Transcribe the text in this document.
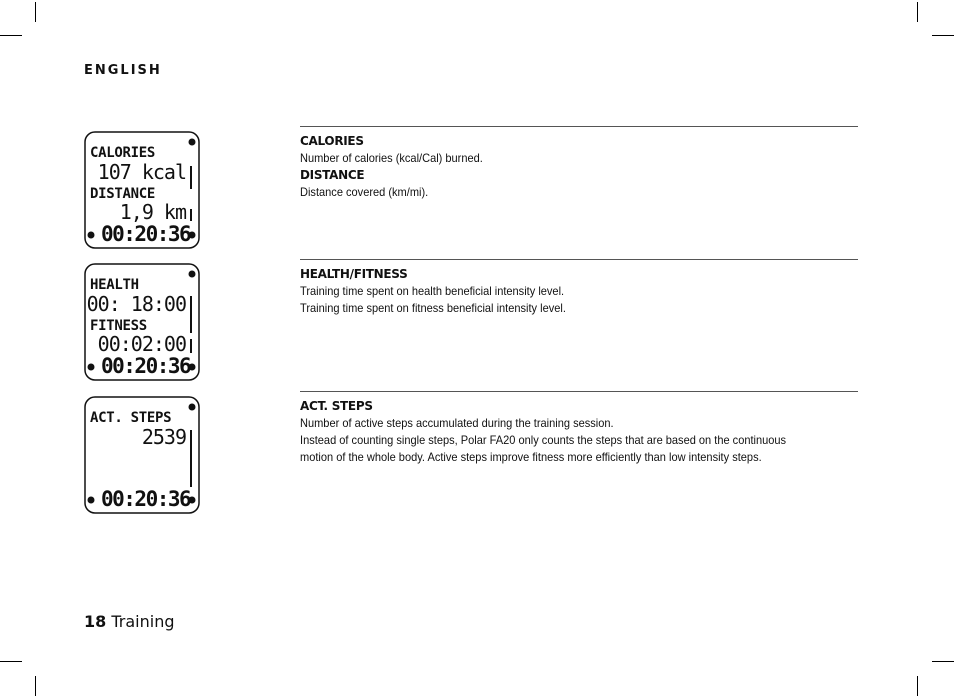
ENGLISH
CALORIES
107 kcal
DISTANCE
1,9 km
00:20:36
HEALTH
00: 18:00
FITNESS
00:02:00
00:20:36
ACT. STEPS
2539
00:20:36
CALORIES

Number of calories (kcal/Cal) burned.

DISTANCE

Distance covered (km/mi).

HEALTH/FITNESS

Training time spent on health beneficial intensity level.

Training time spent on fitness beneficial intensity level.

ACT. STEPS

Number of active steps accumulated during the training session.

Instead of counting single steps, Polar FA20 only counts the steps that are based on the continuous

motion of the whole body. Active steps improve fitness more efficiently than low intensity steps.

18 Training
